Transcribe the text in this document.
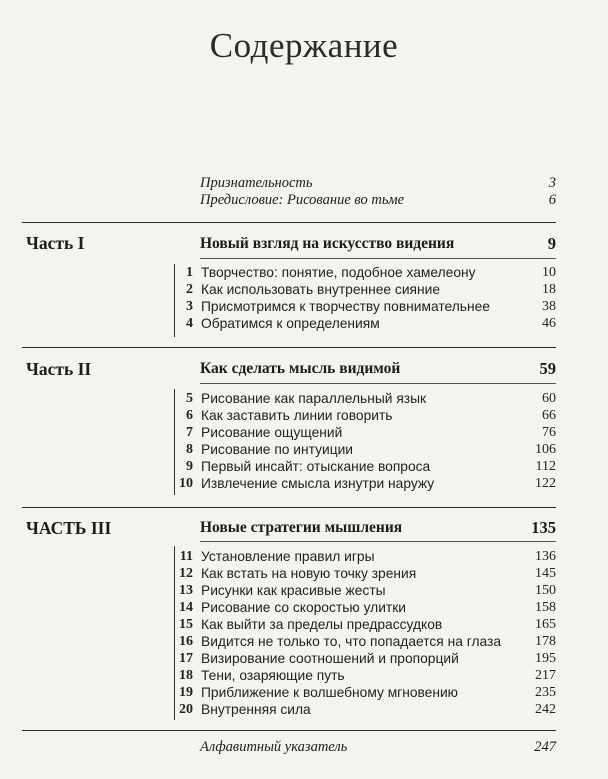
Содержание
Признательность	3
Предисловие: Рисование во тьме	6
Часть I	Новый взгляд на искусство видения	9
1 Творчество: понятие, подобное хамелеону	10
2 Как использовать внутреннее сияние	18
3 Присмотримся к творчеству повнимательнее	38
4 Обратимся к определениям	46
Часть II	Как сделать мысль видимой	59
5 Рисование как параллельный язык	60
6 Как заставить линии говорить	66
7 Рисование ощущений	76
8 Рисование по интуиции	106
9 Первый инсайт: отыскание вопроса	112
10 Извлечение смысла изнутри наружу	122
ЧАСТЬ III	Новые стратегии мышления	135
11 Установление правил игры	136
12 Как встать на новую точку зрения	145
13 Рисунки как красивые жесты	150
14 Рисование со скоростью улитки	158
15 Как выйти за пределы предрассудков	165
16 Видится не только то, что попадается на глаза 178
17 Визирование соотношений и пропорций	195
18 Тени, озаряющие путь	217
19 Приближение к волшебному мгновению	235
20 Внутренняя сила	242
Алфавитный указатель	247
